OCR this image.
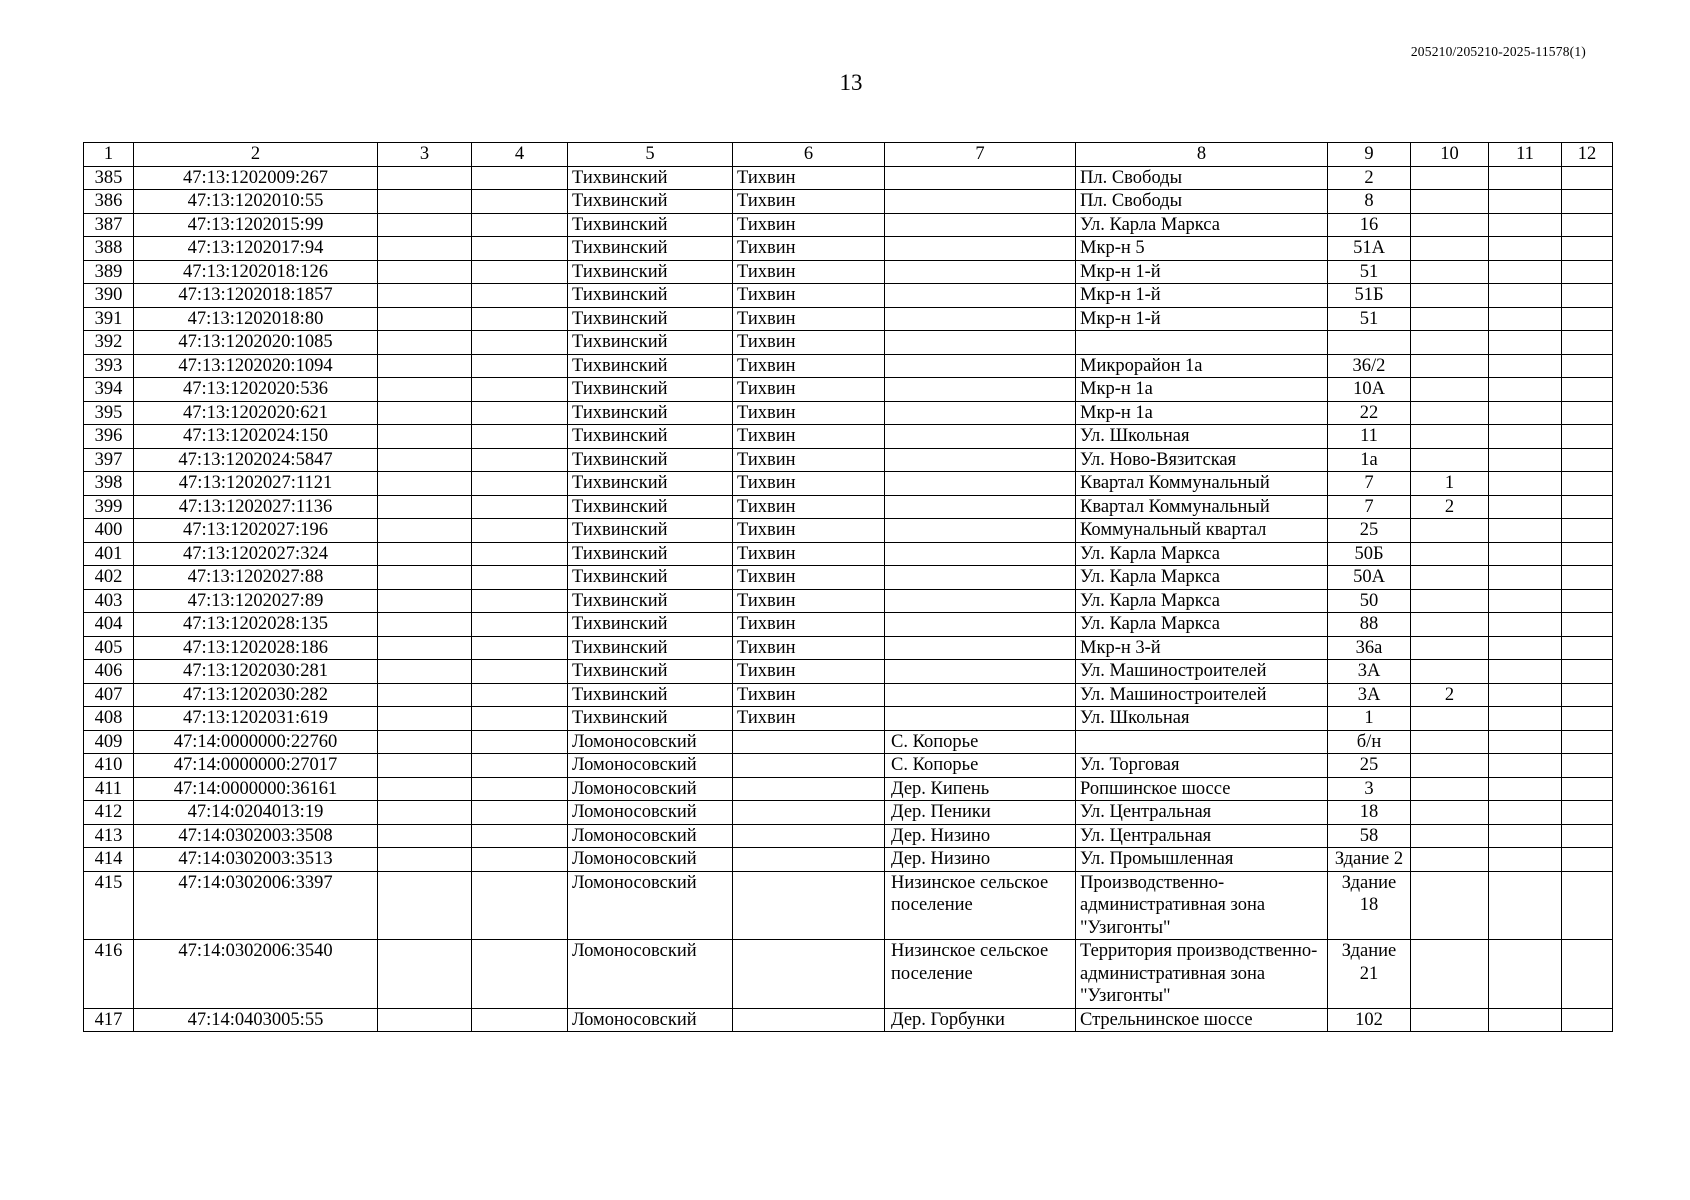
205210/205210-2025-11578(1)
13
1	2	3	4	5	6	7	8	9	10	11	12
385	47:13:1202009:267			Тихвинский	Тихвин		Пл. Свободы	2			
386	47:13:1202010:55			Тихвинский	Тихвин		Пл. Свободы	8			
387	47:13:1202015:99			Тихвинский	Тихвин		Ул. Карла Маркса	16			
388	47:13:1202017:94			Тихвинский	Тихвин		Мкр-н 5	51А			
389	47:13:1202018:126			Тихвинский	Тихвин		Мкр-н 1-й	51			
390	47:13:1202018:1857			Тихвинский	Тихвин		Мкр-н 1-й	51Б			
391	47:13:1202018:80			Тихвинский	Тихвин		Мкр-н 1-й	51			
392	47:13:1202020:1085			Тихвинский	Тихвин						
393	47:13:1202020:1094			Тихвинский	Тихвин		Микрорайон 1а	36/2			
394	47:13:1202020:536			Тихвинский	Тихвин		Мкр-н 1а	10А			
395	47:13:1202020:621			Тихвинский	Тихвин		Мкр-н 1а	22			
396	47:13:1202024:150			Тихвинский	Тихвин		Ул. Школьная	11			
397	47:13:1202024:5847			Тихвинский	Тихвин		Ул. Ново-Вязитская	1а			
398	47:13:1202027:1121			Тихвинский	Тихвин		Квартал Коммунальный	7	1		
399	47:13:1202027:1136			Тихвинский	Тихвин		Квартал Коммунальный	7	2		
400	47:13:1202027:196			Тихвинский	Тихвин		Коммунальный квартал	25			
401	47:13:1202027:324			Тихвинский	Тихвин		Ул. Карла Маркса	50Б			
402	47:13:1202027:88			Тихвинский	Тихвин		Ул. Карла Маркса	50А			
403	47:13:1202027:89			Тихвинский	Тихвин		Ул. Карла Маркса	50			
404	47:13:1202028:135			Тихвинский	Тихвин		Ул. Карла Маркса	88			
405	47:13:1202028:186			Тихвинский	Тихвин		Мкр-н 3-й	36а			
406	47:13:1202030:281			Тихвинский	Тихвин		Ул. Машиностроителей	3А			
407	47:13:1202030:282			Тихвинский	Тихвин		Ул. Машиностроителей	3А	2		
408	47:13:1202031:619			Тихвинский	Тихвин		Ул. Школьная	1			
409	47:14:0000000:22760			Ломоносовский		С. Копорье		б/н			
410	47:14:0000000:27017			Ломоносовский		С. Копорье	Ул. Торговая	25			
411	47:14:0000000:36161			Ломоносовский		Дер. Кипень	Ропшинское шоссе	3			
412	47:14:0204013:19			Ломоносовский		Дер. Пеники	Ул. Центральная	18			
413	47:14:0302003:3508			Ломоносовский		Дер. Низино	Ул. Центральная	58			
414	47:14:0302003:3513			Ломоносовский		Дер. Низино	Ул. Промышленная	Здание 2			
415	47:14:0302006:3397			Ломоносовский		Низинское сельское поселение	Производственно-административная зона "Узигонты"	Здание 18			
416	47:14:0302006:3540			Ломоносовский		Низинское сельское поселение	Территория производственно-административная зона "Узигонты"	Здание 21			
417	47:14:0403005:55			Ломоносовский		Дер. Горбунки	Стрельнинское шоссе	102			
